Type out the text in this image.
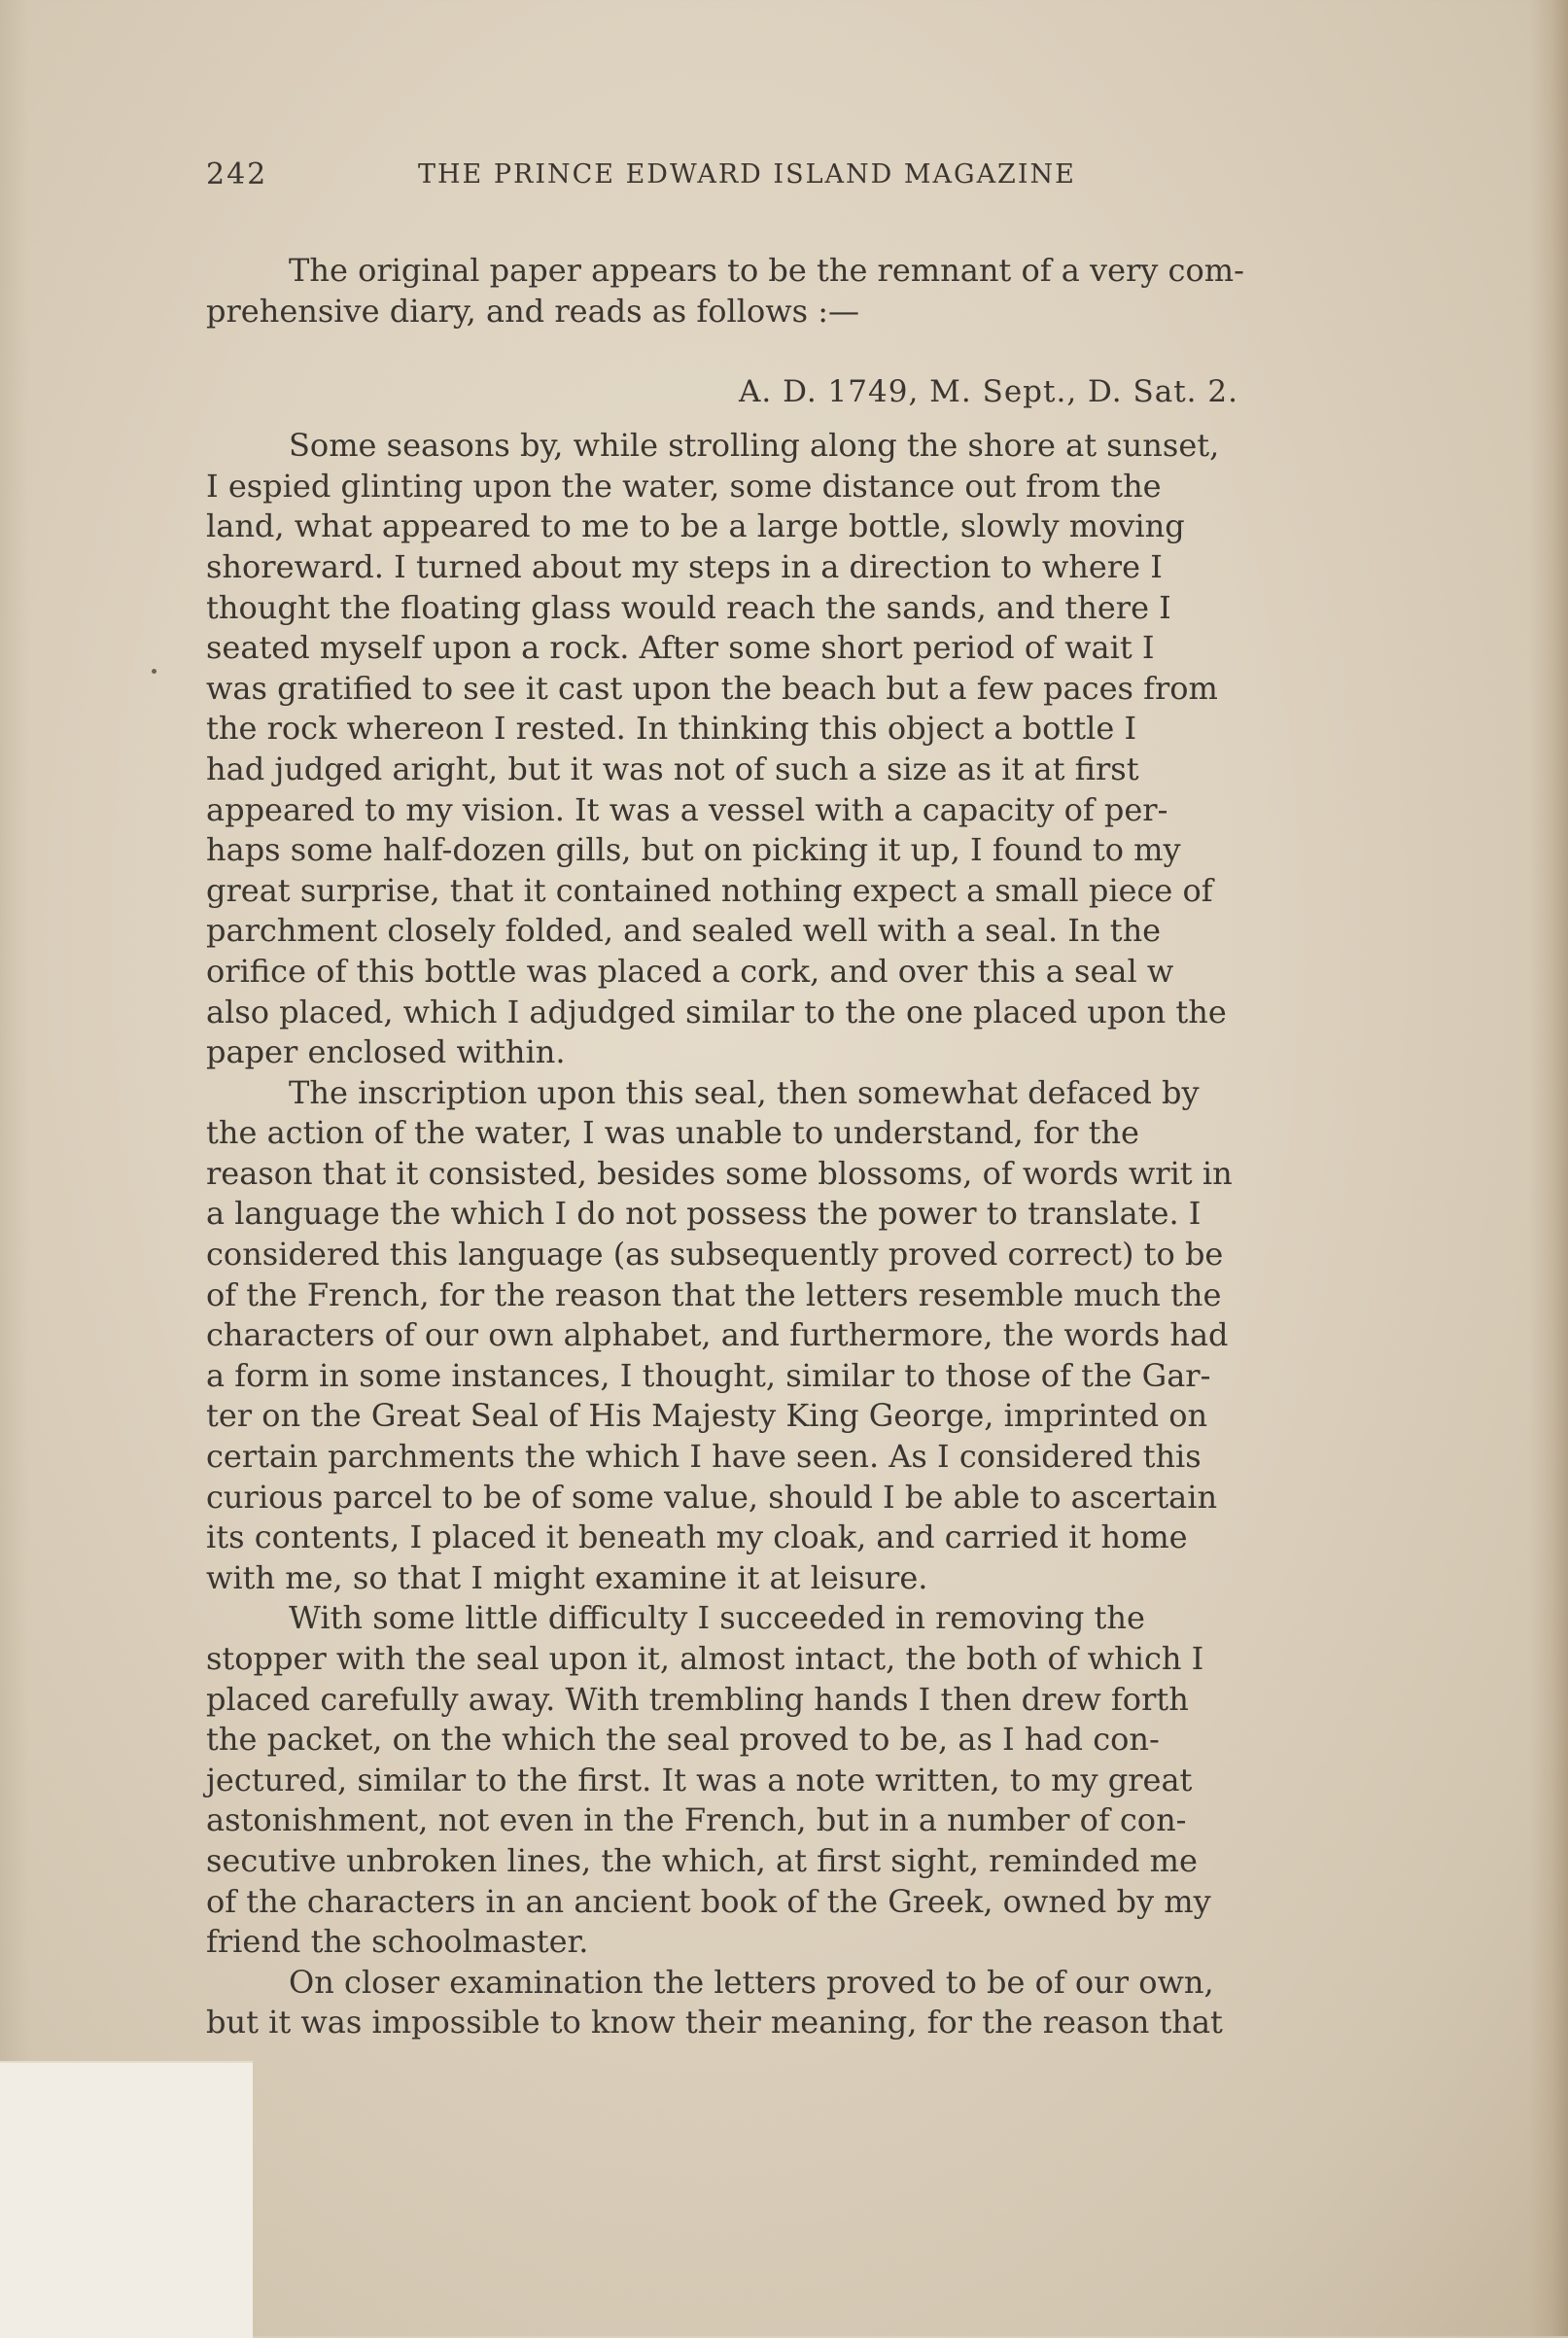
242	THE PRINCE EDWARD ISLAND MAGAZINE
The original paper appears to be the remnant of a very com-
prehensive diary, and reads as follows :—
A. D. 1749, M. Sept., D. Sat. 2.
Some seasons by, while strolling along the shore at sunset,
I espied glinting upon the water, some distance out from the
land, what appeared to me to be a large bottle, slowly moving
shoreward. I turned about my steps in a direction to where I
thought the floating glass would reach the sands, and there I
seated myself upon a rock. After some short period of wait I
was gratified to see it cast upon the beach but a few paces from
the rock whereon I rested. In thinking this object a bottle I
had judged aright, but it was not of such a size as it at first
appeared to my vision. It was a vessel with a capacity of per-
haps some half-dozen gills, but on picking it up, I found to my
great surprise, that it contained nothing expect a small piece of
parchment closely folded, and sealed well with a seal. In the
orifice of this bottle was placed a cork, and over this a seal w
also placed, which I adjudged similar to the one placed upon the
paper enclosed within.
The inscription upon this seal, then somewhat defaced by
the action of the water, I was unable to understand, for the
reason that it consisted, besides some blossoms, of words writ in
a language the which I do not possess the power to translate. I
considered this language (as subsequently proved correct) to be
of the French, for the reason that the letters resemble much the
characters of our own alphabet, and furthermore, the words had
a form in some instances, I thought, similar to those of the Gar-
ter on the Great Seal of His Majesty King George, imprinted on
certain parchments the which I have seen. As I considered this
curious parcel to be of some value, should I be able to ascertain
its contents, I placed it beneath my cloak, and carried it home
with me, so that I might examine it at leisure.
With some little difficulty I succeeded in removing the
stopper with the seal upon it, almost intact, the both of which I
placed carefully away. With trembling hands I then drew forth
the packet, on the which the seal proved to be, as I had con-
jectured, similar to the first. It was a note written, to my great
astonishment, not even in the French, but in a number of con-
secutive unbroken lines, the which, at first sight, reminded me
of the characters in an ancient book of the Greek, owned by my
friend the schoolmaster.
On closer examination the letters proved to be of our own,
but it was impossible to know their meaning, for the reason that
